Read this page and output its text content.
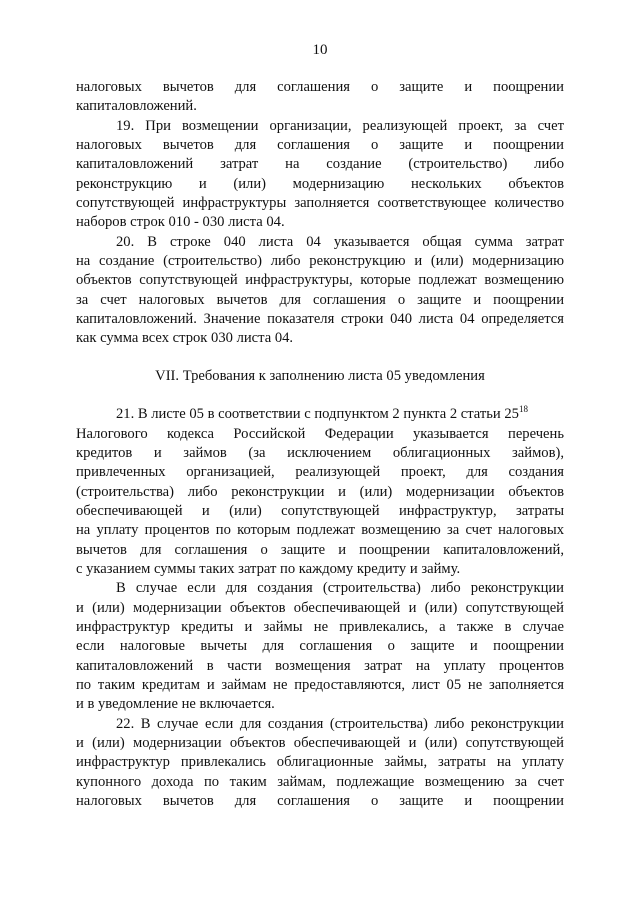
10
налоговых вычетов для соглашения о защите и поощрении
капиталовложений.
19. При возмещении организации, реализующей проект, за счет
налоговых вычетов для соглашения о защите и поощрении
капиталовложений затрат на создание (строительство) либо
реконструкцию и (или) модернизацию нескольких объектов
сопутствующей инфраструктуры заполняется соответствующее количество
наборов строк 010 - 030 листа 04.
20. В строке 040 листа 04 указывается общая сумма затрат
на создание (строительство) либо реконструкцию и (или) модернизацию
объектов сопутствующей инфраструктуры, которые подлежат возмещению
за счет налоговых вычетов для соглашения о защите и поощрении
капиталовложений. Значение показателя строки 040 листа 04 определяется
как сумма всех строк 030 листа 04.
VII. Требования к заполнению листа 05 уведомления
21. В листе 05 в соответствии с подпунктом 2 пункта 2 статьи $25^{18}$
Налогового кодекса Российской Федерации указывается перечень
кредитов и займов (за исключением облигационных займов),
привлеченных организацией, реализующей проект, для создания
(строительства) либо реконструкции и (или) модернизации объектов
обеспечивающей и (или) сопутствующей инфраструктур, затраты
на уплату процентов по которым подлежат возмещению за счет налоговых
вычетов для соглашения о защите и поощрении капиталовложений,
с указанием суммы таких затрат по каждому кредиту и займу.
В случае если для создания (строительства) либо реконструкции
и (или) модернизации объектов обеспечивающей и (или) сопутствующей
инфраструктур кредиты и займы не привлекались, а также в случае
если налоговые вычеты для соглашения о защите и поощрении
капиталовложений в части возмещения затрат на уплату процентов
по таким кредитам и займам не предоставляются, лист 05 не заполняется
и в уведомление не включается.
22. В случае если для создания (строительства) либо реконструкции
и (или) модернизации объектов обеспечивающей и (или) сопутствующей
инфраструктур привлекались облигационные займы, затраты на уплату
купонного дохода по таким займам, подлежащие возмещению за счет
налоговых вычетов для соглашения о защите и поощрении
